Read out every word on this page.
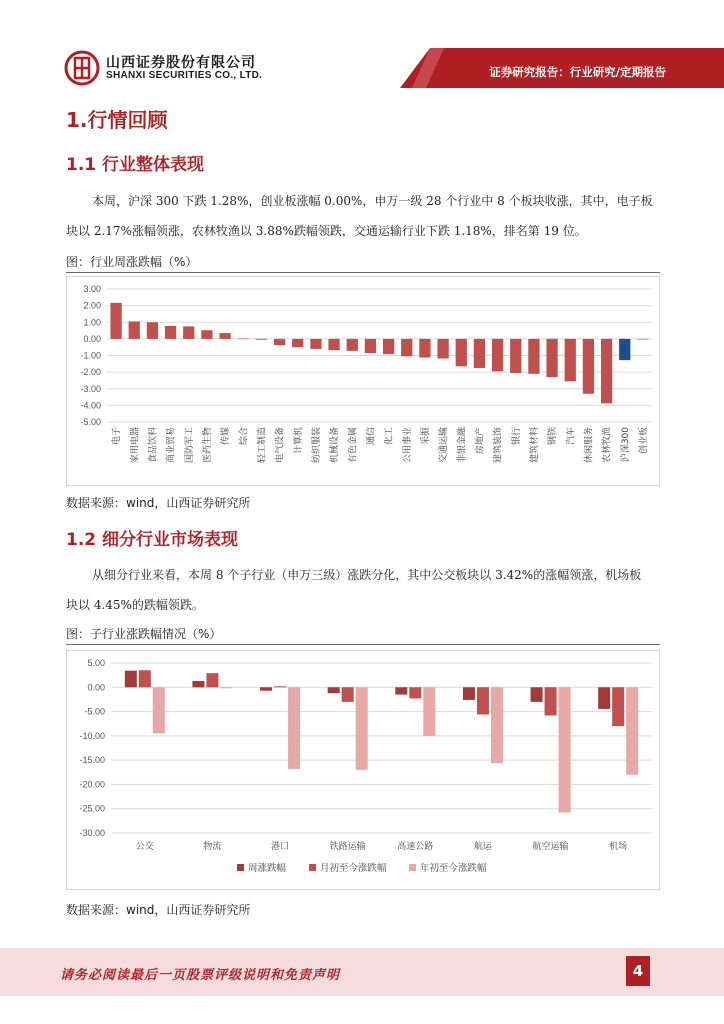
山西证券股份有限公司
SHANXI SECURITIES CO., LTD.	证券研究报告：行业研究/定期报告
1.行情回顾
1.1 行业整体表现
本周，沪深 300 下跌 1.28%，创业板涨幅 0.00%，申万一级 28 个行业中 8 个板块收涨，其中，电子板
块以 2.17%涨幅领涨，农林牧渔以 3.88%跌幅领跌，交通运输行业下跌 1.18%，排名第 19 位。
图：行业周涨跌幅（%）
3.00
2.00
1.00
0.00
-1.00
-2.00
-3.00
-4.00
-5.00
电子 家用电器 食品饮料 商业贸易 国防军工 医药生物 传媒 综合 轻工制造 电气设备 计算机 纺织服装 机械设备 有色金属 通信 化工 公用事业 采掘 交通运输 非银金融 房地产 建筑装饰 银行 建筑材料 钢铁 汽车 休闲服务 农林牧渔 沪深300 创业板
数据来源：wind，山西证券研究所
1.2 细分行业市场表现
从细分行业来看，本周 8 个子行业（申万三级）涨跌分化，其中公交板块以 3.42%的涨幅领涨，机场板
块以 4.45%的跌幅领跌。
图：子行业涨跌幅情况（%）
5.00
0.00
-5.00
-10.00
-15.00
-20.00
-25.00
-30.00
公交	物流	港口	铁路运输	高速公路	航运	航空运输	机场
周涨跌幅	月初至今涨跌幅	年初至今涨跌幅
数据来源：wind，山西证券研究所
请务必阅读最后一页股票评级说明和免责声明	4
